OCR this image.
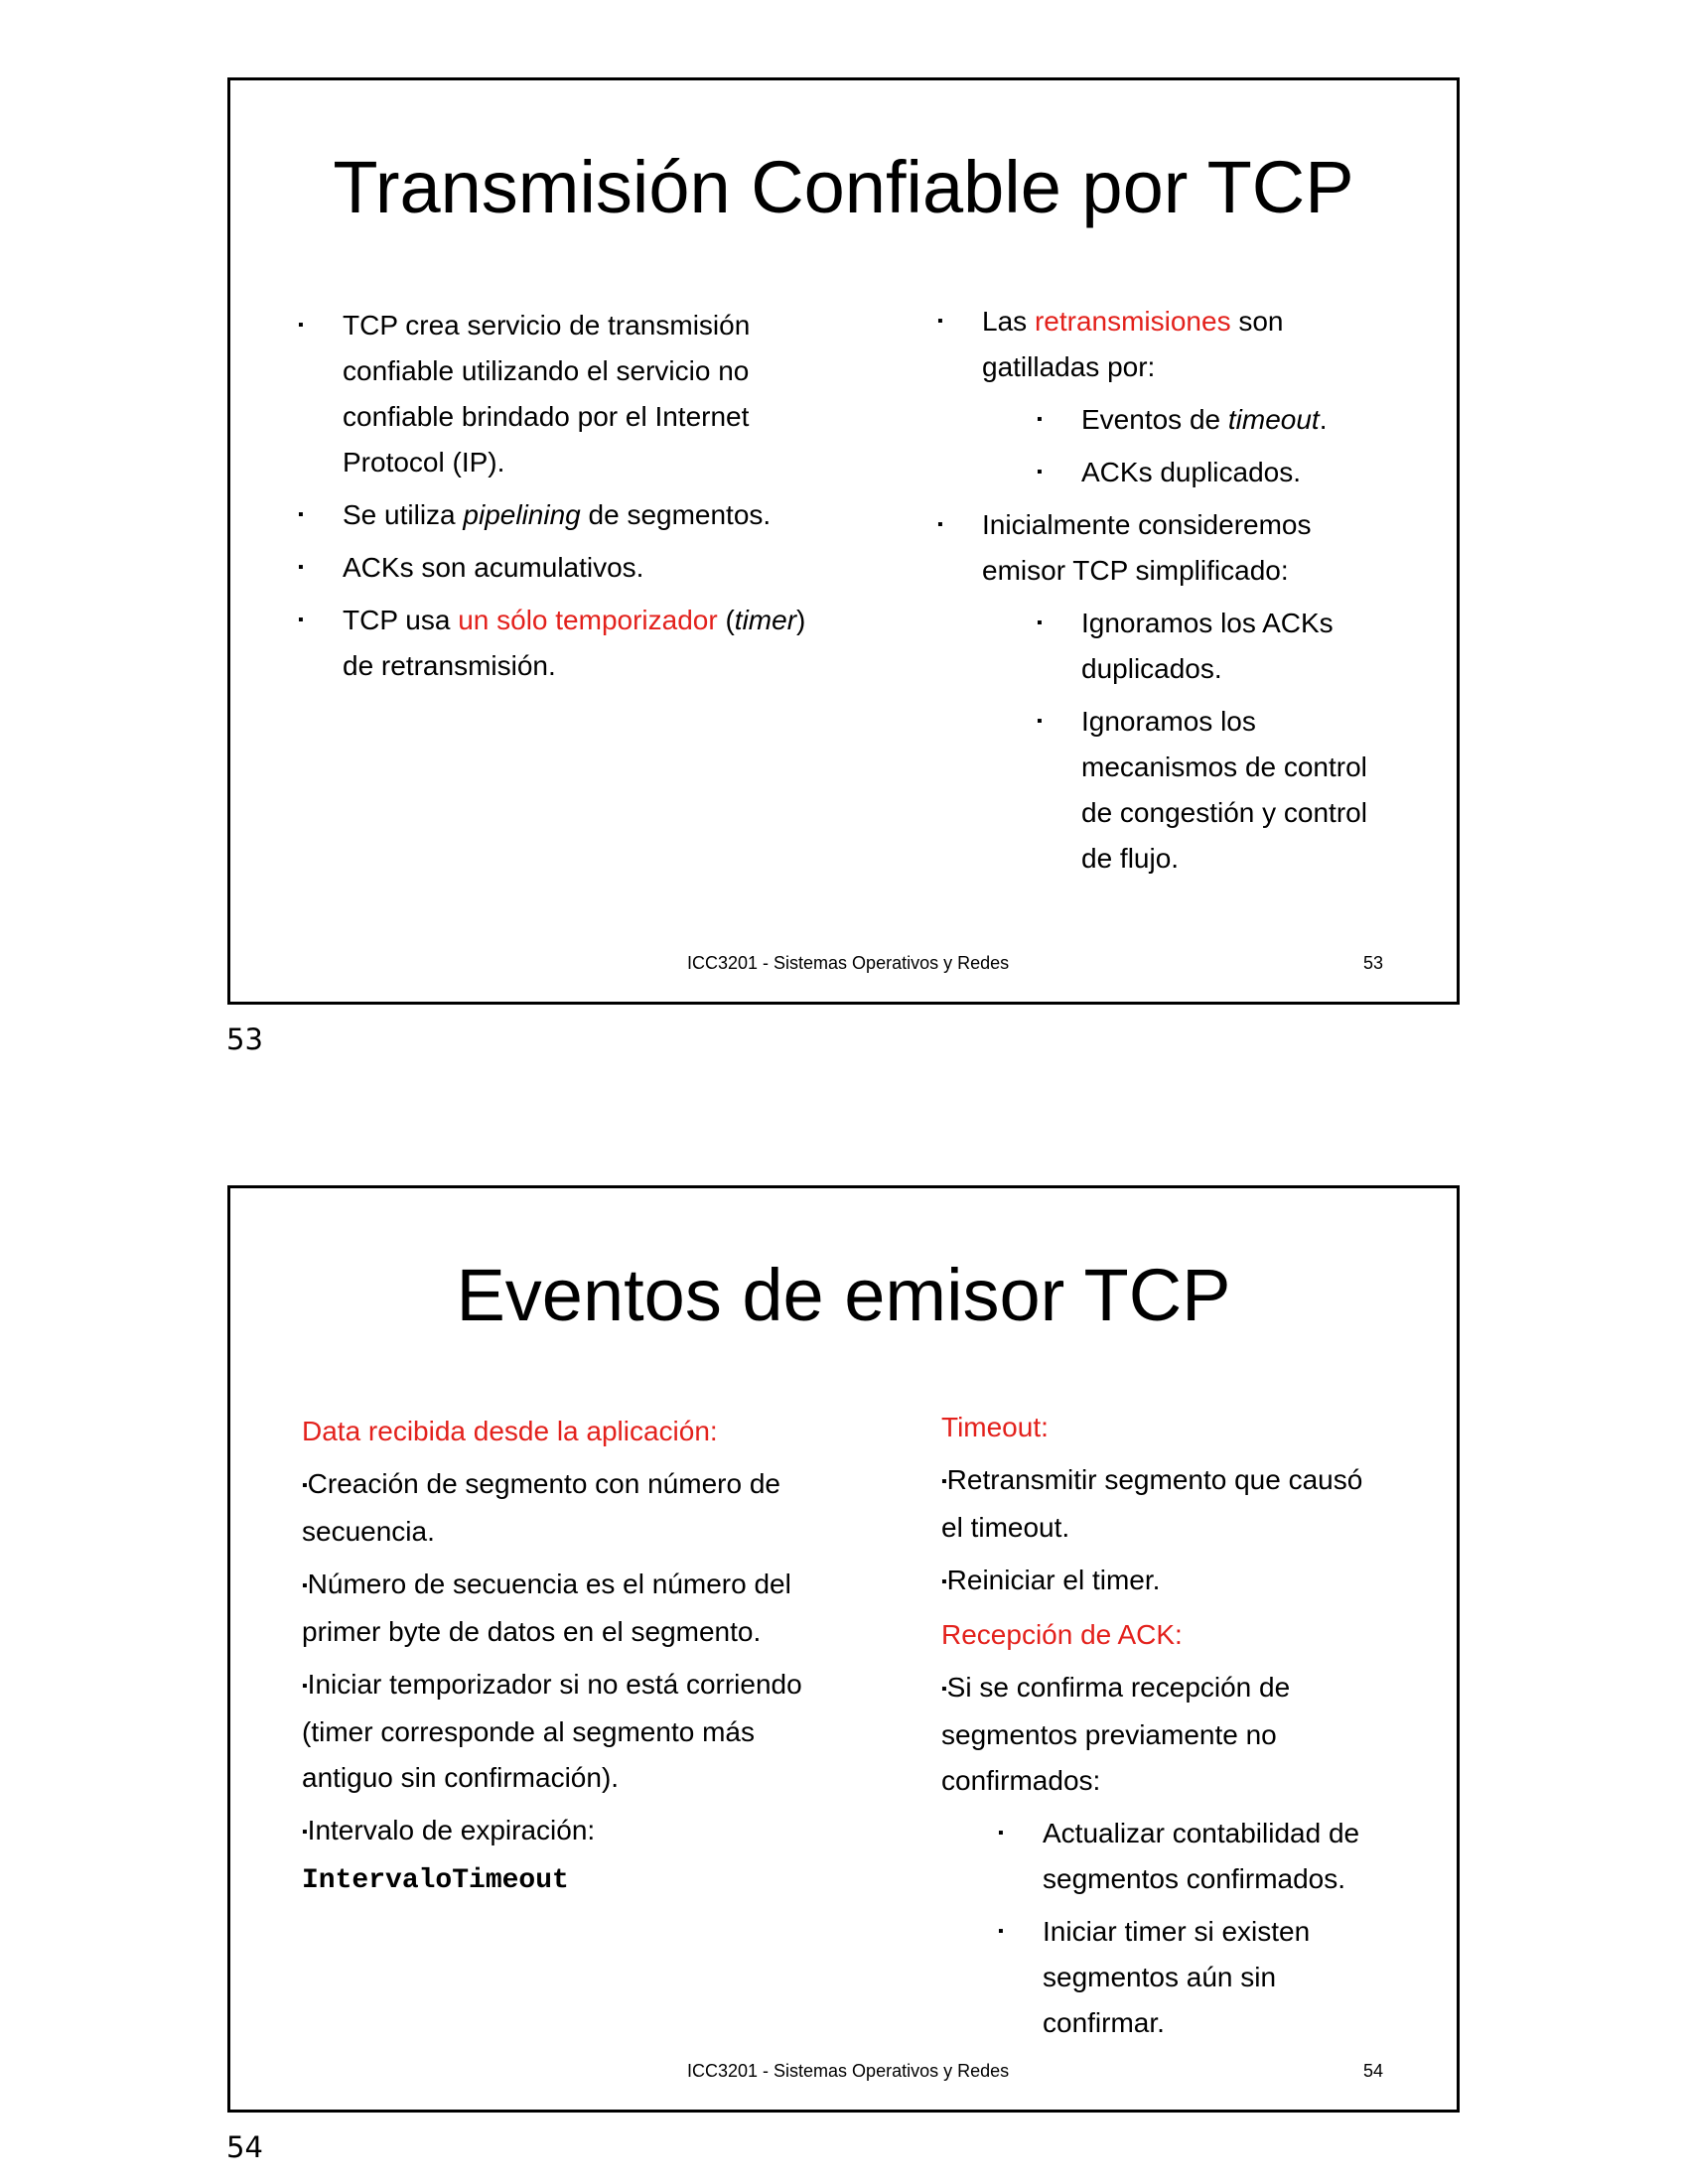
Transmisión Confiable por TCP
▪ TCP crea servicio de transmisión confiable utilizando el servicio no confiable brindado por el Internet Protocol (IP).
▪ Se utiliza pipelining de segmentos.
▪ ACKs son acumulativos.
▪ TCP usa un sólo temporizador (timer) de retransmisión.
▪ Las retransmisiones son gatilladas por:
▪ Eventos de timeout.
▪ ACKs duplicados.
▪ Inicialmente consideremos emisor TCP simplificado:
▪ Ignoramos los ACKs duplicados.
▪ Ignoramos los mecanismos de control de congestión y control de flujo.
ICC3201 - Sistemas Operativos y Redes	53
53
Eventos de emisor TCP

Data recibida desde la aplicación:

▪Creación de segmento con número de secuencia.

▪Número de secuencia es el número del primer byte de datos en el segmento.

▪Iniciar temporizador si no está corriendo (timer corresponde al segmento más antiguo sin confirmación).

▪Intervalo de expiración:
IntervaloTimeout

Timeout:

▪Retransmitir segmento que causó el timeout.

▪Reiniciar el timer.

Recepción de ACK:

▪Si se confirma recepción de segmentos previamente no confirmados:

▪ Actualizar contabilidad de segmentos confirmados.
▪ Iniciar timer si existen segmentos aún sin confirmar.
ICC3201 - Sistemas Operativos y Redes	54
54
